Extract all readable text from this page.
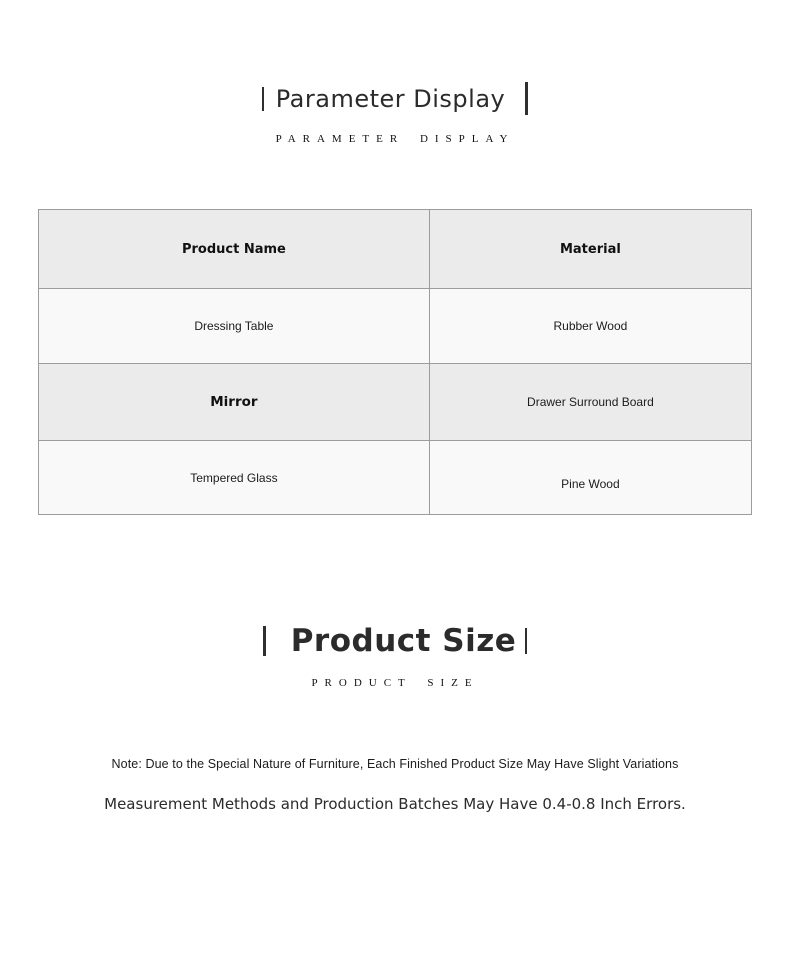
Parameter Display
PARAMETER DISPLAY
Product Name	Material
Dressing Table	Rubber Wood
Mirror	Drawer Surround Board
Tempered Glass	Pine Wood
Product Size
PRODUCT SIZE
Note: Due to the Special Nature of Furniture, Each Finished Product Size May Have Slight Variations
Measurement Methods and Production Batches May Have 0.4-0.8 Inch Errors.
